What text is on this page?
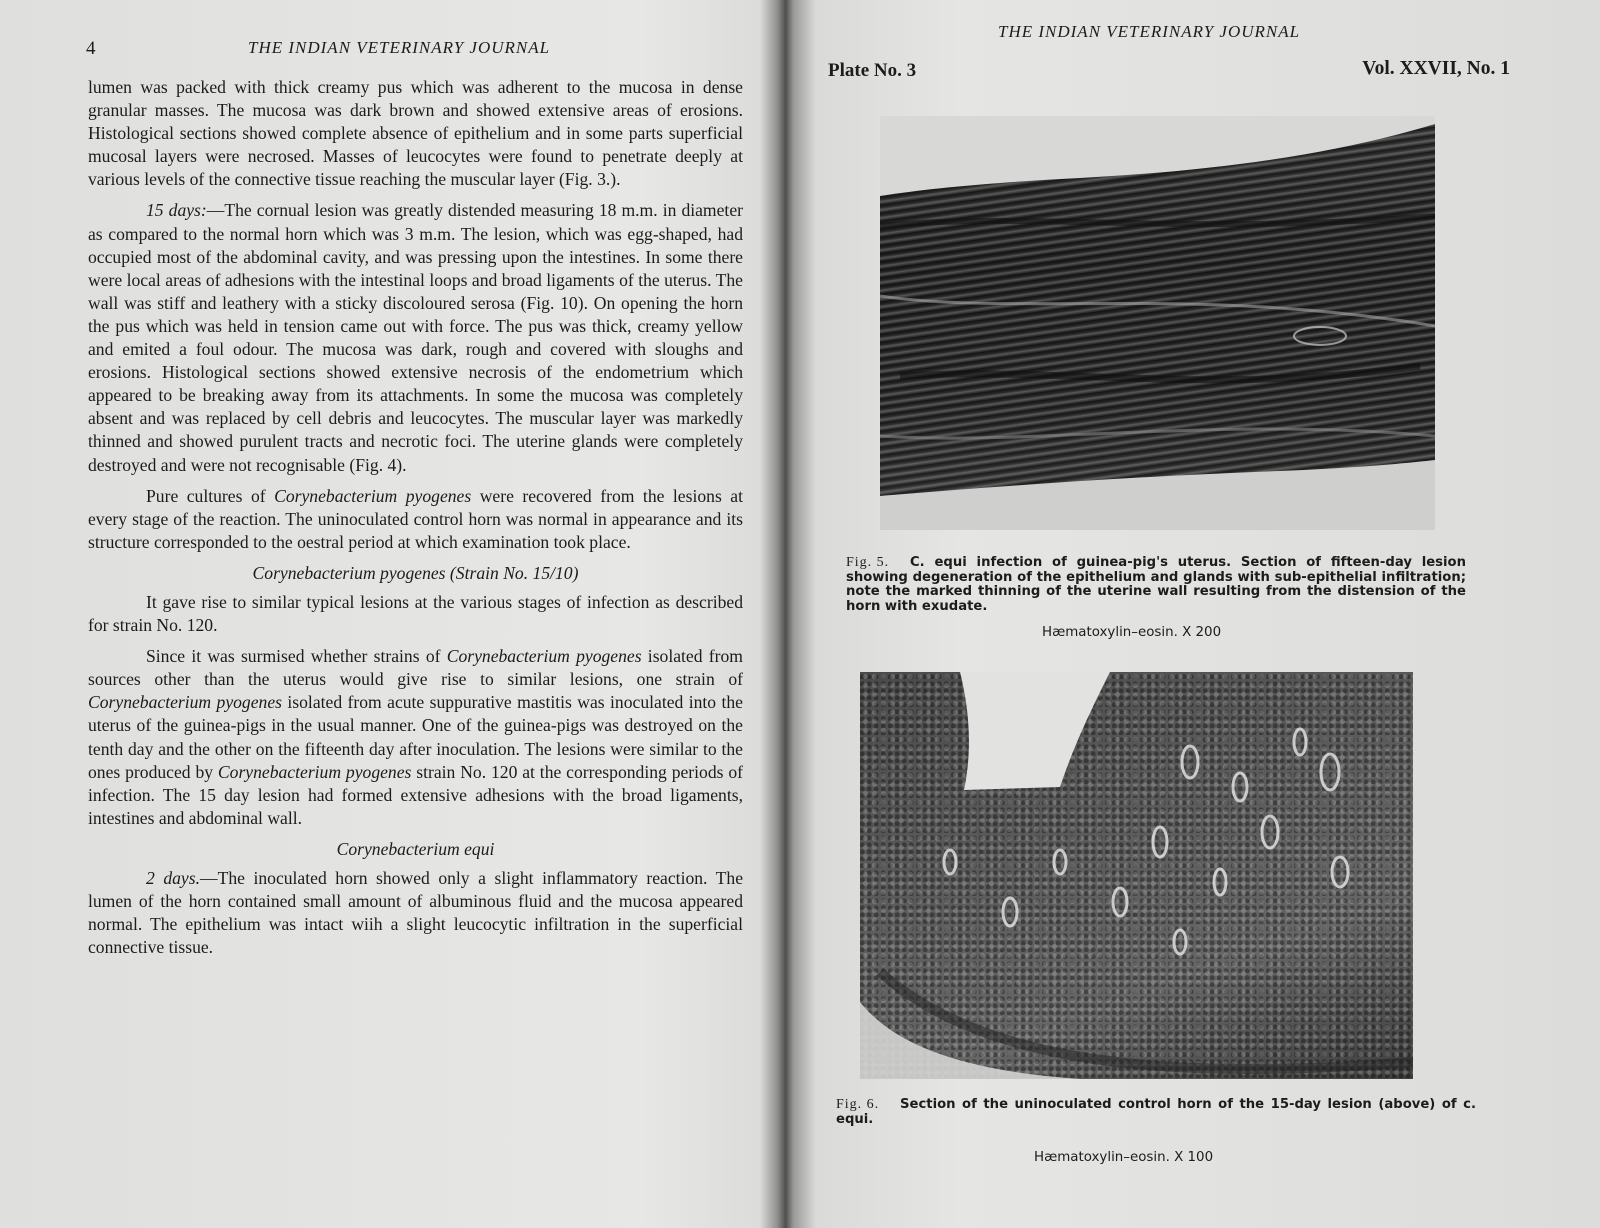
4	THE INDIAN VETERINARY JOURNAL

lumen was packed with thick creamy pus which was adherent to the mucosa in dense granular masses. The mucosa was dark brown and showed extensive areas of erosions. Histological sections showed complete absence of epithelium and in some parts superficial mucosal layers were necrosed. Masses of leucocytes were found to penetrate deeply at various levels of the connective tissue reaching the muscular layer (Fig. 3.).

15 days:—The cornual lesion was greatly distended measuring 18 m.m. in diameter as compared to the normal horn which was 3 m.m. The lesion, which was egg-shaped, had occupied most of the abdominal cavity, and was pressing upon the intestines. In some there were local areas of adhesions with the intestinal loops and broad ligaments of the uterus. The wall was stiff and leathery with a sticky discoloured serosa (Fig. 10). On opening the horn the pus which was held in tension came out with force. The pus was thick, creamy yellow and emited a foul odour. The mucosa was dark, rough and covered with sloughs and erosions. Histological sections showed extensive necrosis of the endometrium which appeared to be breaking away from its attachments. In some the mucosa was completely absent and was replaced by cell debris and leucocytes. The muscular layer was markedly thinned and showed purulent tracts and necrotic foci. The uterine glands were completely destroyed and were not recognisable (Fig. 4).

Pure cultures of Corynebacterium pyogenes were recovered from the lesions at every stage of the reaction. The uninoculated control horn was normal in appearance and its structure corresponded to the oestral period at which examination took place.

Corynebacterium pyogenes (Strain No. 15/10)

It gave rise to similar typical lesions at the various stages of infection as described for strain No. 120.

Since it was surmised whether strains of Corynebacterium pyogenes isolated from sources other than the uterus would give rise to similar lesions, one strain of Corynebacterium pyogenes isolated from acute suppurative mastitis was inoculated into the uterus of the guinea-pigs in the usual manner. One of the guinea-pigs was destroyed on the tenth day and the other on the fifteenth day after inoculation. The lesions were similar to the ones produced by Corynebacterium pyogenes strain No. 120 at the corresponding periods of infection. The 15 day lesion had formed extensive adhesions with the broad ligaments, intestines and abdominal wall.

Corynebacterium equi

2 days.—The inoculated horn showed only a slight inflammatory reaction. The lumen of the horn contained small amount of albuminous fluid and the mucosa appeared normal. The epithelium was intact wiih a slight leucocytic infiltration in the superficial connective tissue.

THE INDIAN VETERINARY JOURNAL
Plate No. 3	Vol. XXVII, No. 1
Fig. 5. C. equi infection of guinea-pig's uterus. Section of fifteen-day lesion showing degeneration of the epithelium and glands with sub-epithelial infiltration; note the marked thinning of the uterine wall resulting from the distension of the horn with exudate.
Hæmatoxylin–eosin. X 200
Fig. 6. Section of the uninoculated control horn of the 15-day lesion (above) of c. equi.
Hæmatoxylin–eosin. X 100
